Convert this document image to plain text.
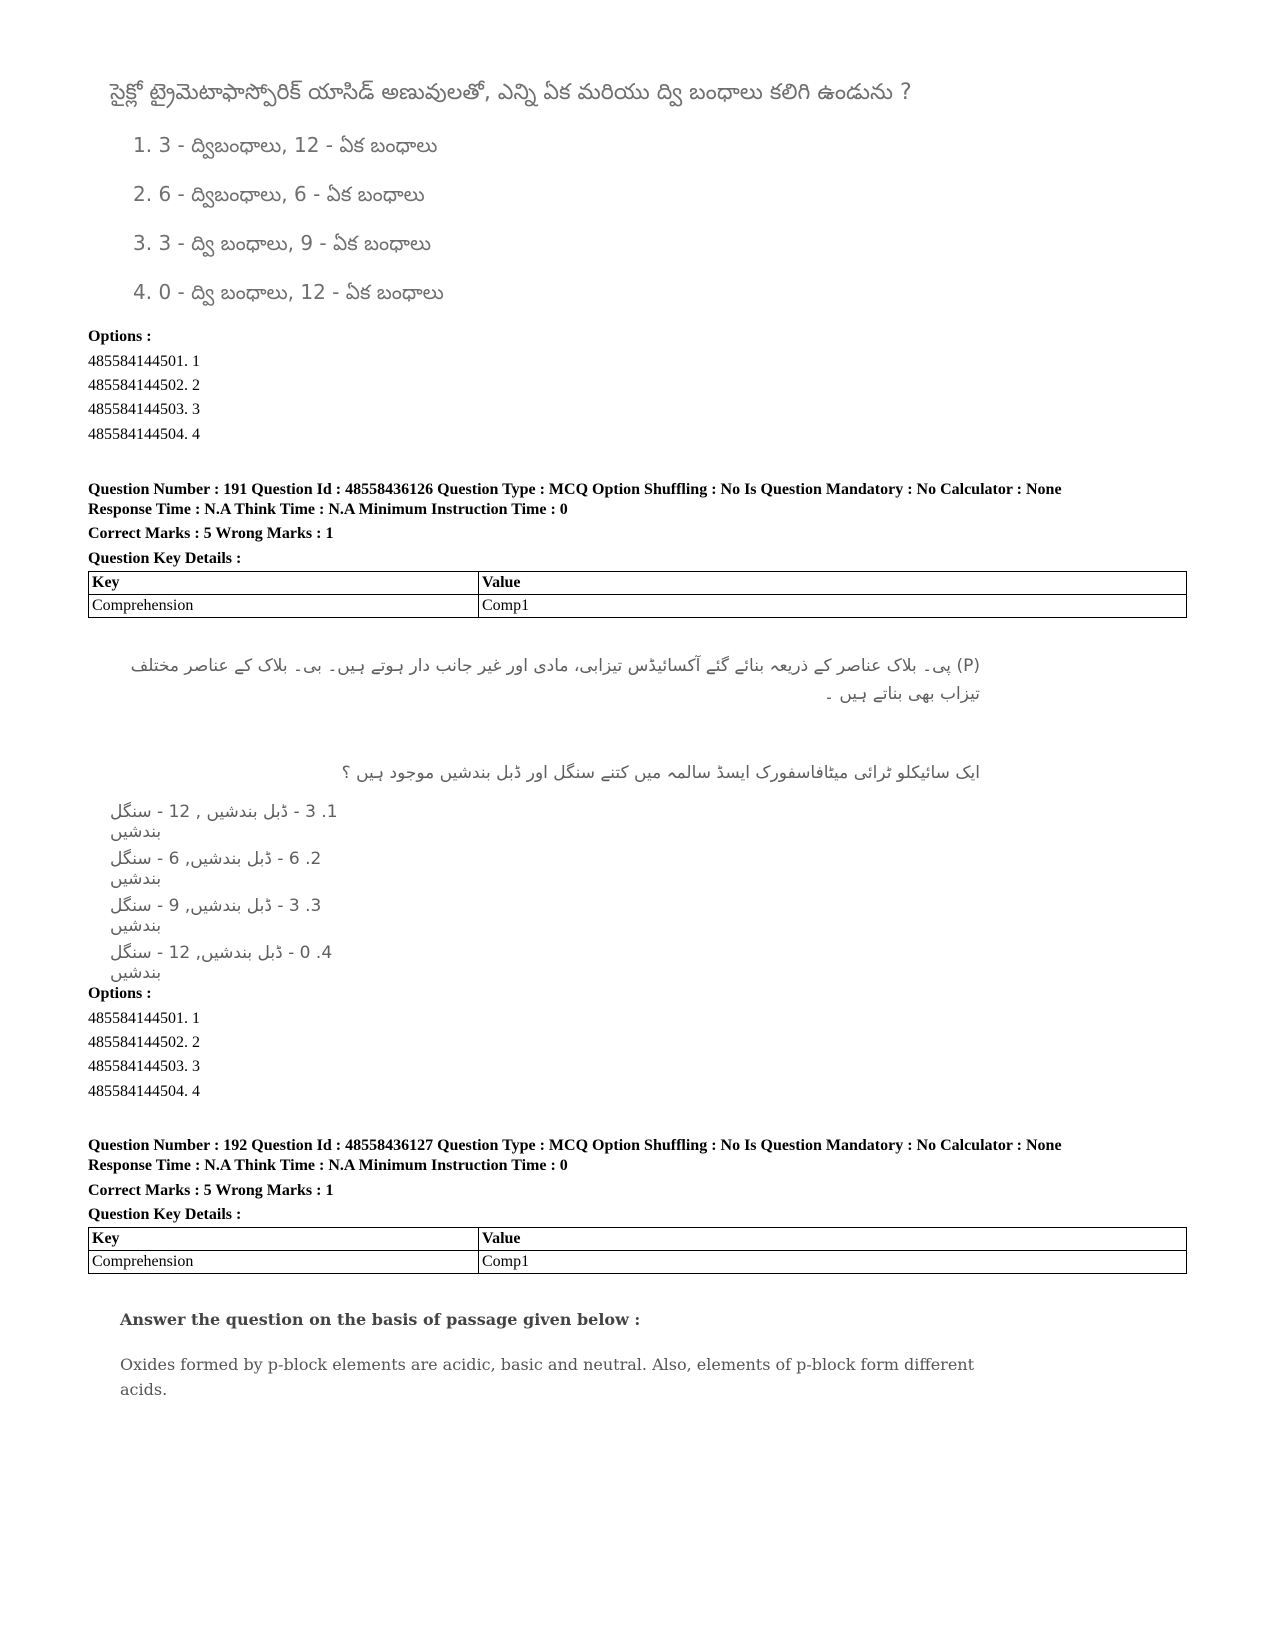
సైక్లో ట్రైమెటాఫాస్పోరిక్ యాసిడ్ అణువులతో, ఎన్ని ఏక మరియు ద్వి బంధాలు కలిగి ఉండును ?
1. 3 - ద్విబంధాలు, 12 - ఏక బంధాలు
2. 6 - ద్విబంధాలు, 6 - ఏక బంధాలు
3. 3 - ద్వి బంధాలు, 9 - ఏక బంధాలు
4. 0 - ద్వి బంధాలు, 12 - ఏక బంధాలు
Options :
485584144501. 1
485584144502. 2
485584144503. 3
485584144504. 4
Question Number : 191 Question Id : 48558436126 Question Type : MCQ Option Shuffling : No Is Question Mandatory : No Calculator : None
Response Time : N.A Think Time : N.A Minimum Instruction Time : 0
Correct Marks : 5 Wrong Marks : 1
Question Key Details :
Key	Value
Comprehension	Comp1
(P) پی۔ بلاک عناصر کے ذریعہ بنائے گئے آکسائیڈس تیزابی، مادی اور غیر جانب دار ہوتے ہیں۔ بی۔ بلاک کے عناصر مختلف تیزاب بھی بناتے ہیں ۔
ایک سائیکلو ٹرائی میٹافاسفورک ایسڈ سالمہ میں کتنے سنگل اور ڈبل بندشیں موجود ہیں ؟
1. 3 - ڈبل بندشیں , 12 - سنگل بندشیں
2. 6 - ڈبل بندشیں, 6 - سنگل بندشیں
3. 3 - ڈبل بندشیں, 9 - سنگل بندشیں
4. 0 - ڈبل بندشیں, 12 - سنگل بندشیں
Options :
485584144501. 1
485584144502. 2
485584144503. 3
485584144504. 4
Question Number : 192 Question Id : 48558436127 Question Type : MCQ Option Shuffling : No Is Question Mandatory : No Calculator : None
Response Time : N.A Think Time : N.A Minimum Instruction Time : 0
Correct Marks : 5 Wrong Marks : 1
Question Key Details :
Key	Value
Comprehension	Comp1
Answer the question on the basis of passage given below :
Oxides formed by p-block elements are acidic, basic and neutral. Also, elements of p-block form different acids.
